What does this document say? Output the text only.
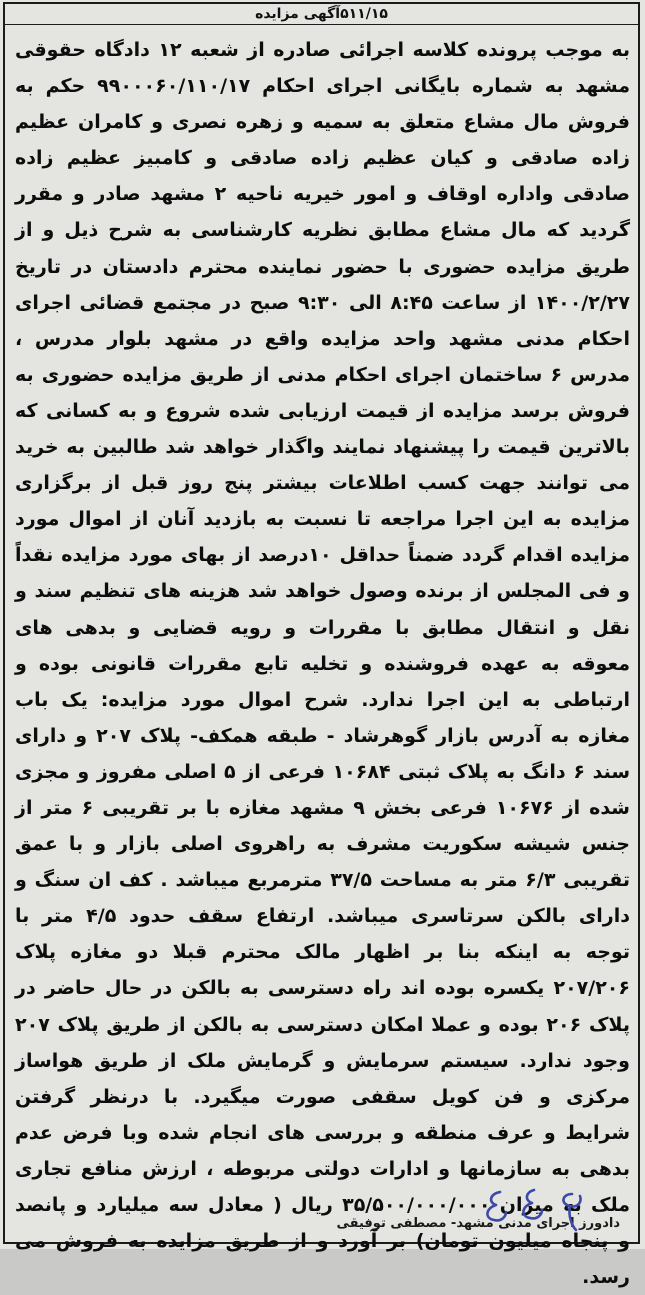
۵۱۱/۱۵آگهی مزایده
به موجب پرونده کلاسه اجرائی صادره از شعبه ۱۲ دادگاه حقوقی مشهد به شماره بایگانی اجرای احکام ۹۹۰۰۰۶۰/۱۱۰/۱۷ حکم به فروش مال مشاع متعلق به سمیه و زهره نصری و کامران عظیم زاده صادقی و کیان عظیم زاده صادقی و کامبیز عظیم زاده صادقی واداره اوقاف و امور خیریه ناحیه ۲ مشهد صادر و مقرر گردید که مال مشاع مطابق نظریه کارشناسی به شرح ذیل و از طریق مزایده حضوری با حضور نماینده محترم دادستان در تاریخ ۱۴۰۰/۲/۲۷ از ساعت ۸:۴۵ الی ۹:۳۰ صبح در مجتمع قضائی اجرای احکام مدنی مشهد واحد مزایده واقع در مشهد بلوار مدرس ، مدرس ۶ ساختمان اجرای احکام مدنی از طریق مزایده حضوری به فروش برسد مزایده از قیمت ارزیابی شده شروع و به کسانی که بالاترین قیمت را پیشنهاد نمایند واگذار خواهد شد طالبین به خرید می توانند جهت کسب اطلاعات بیشتر پنج روز قبل از برگزاری مزایده به این اجرا مراجعه تا نسبت به بازدید آنان از اموال مورد مزایده اقدام گردد ضمناً حداقل ۱۰درصد از بهای مورد مزایده نقداً و فی المجلس از برنده وصول خواهد شد هزینه های تنظیم سند و نقل و انتقال مطابق با مقررات و رویه قضایی و بدهی های معوقه به عهده فروشنده و تخلیه تابع مقررات قانونی بوده و ارتباطی به این اجرا ندارد. شرح اموال مورد مزایده: یک باب مغازه به آدرس بازار گوهرشاد - طبقه همکف- پلاک ۲۰۷ و دارای سند ۶ دانگ به پلاک ثبتی ۱۰۶۸۴ فرعی از ۵ اصلی مفروز و مجزی شده از ۱۰۶۷۶ فرعی بخش ۹ مشهد مغازه با بر تقریبی ۶ متر از جنس شیشه سکوریت مشرف به راهروی اصلی بازار و با عمق تقریبی ۶/۳ متر به مساحت ۳۷/۵ مترمربع میباشد . کف ان سنگ و دارای بالکن سرتاسری میباشد. ارتفاع سقف حدود ۴/۵ متر با توجه به اینکه بنا بر اظهار مالک محترم قبلا دو مغازه پلاک ۲۰۷/۲۰۶ یکسره بوده اند راه دسترسی به بالکن در حال حاضر در پلاک ۲۰۶ بوده و عملا امکان دسترسی به بالکن از طریق پلاک ۲۰۷ وجود ندارد. سیستم سرمایش و گرمایش ملک از طریق هواساز مرکزی و فن کویل سقفی صورت میگیرد. با درنظر گرفتن شرایط و عرف منطقه و بررسی های انجام شده وبا فرض عدم بدهی به سازمانها و ادارات دولتی مربوطه ، ارزش منافع تجاری ملک به میزان ۳۵/۵۰۰/۰۰۰/۰۰۰ ریال ( معادل سه میلیارد و پانصد و پنجاه میلیون تومان) بر آورد و از طریق مزایده به فروش می رسد.
دادورز اجرای مدنی مشهد- مصطفی توفیقی
